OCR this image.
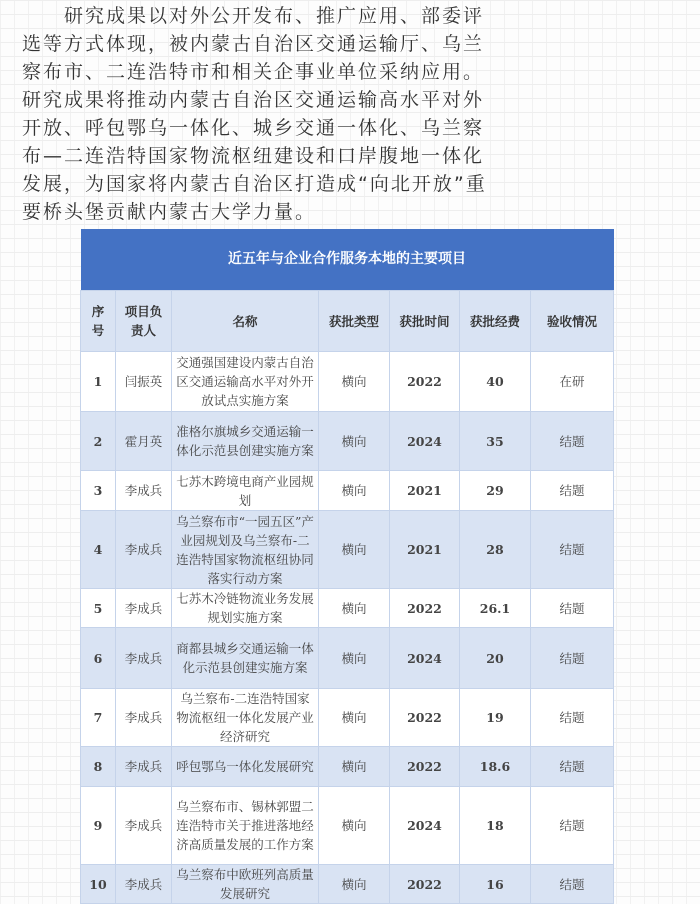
研究成果以对外公开发布、推广应用、部委评选等方式体现，被内蒙古自治区交通运输厅、乌兰察布市、二连浩特市和相关企事业单位采纳应用。研究成果将推动内蒙古自治区交通运输高水平对外开放、呼包鄂乌一体化、城乡交通一体化、乌兰察布—二连浩特国家物流枢纽建设和口岸腹地一体化发展，为国家将内蒙古自治区打造成“向北开放”重要桥头堡贡献内蒙古大学力量。

近五年与企业合作服务本地的主要项目						
序号	项目负责人	名称	获批类型	获批时间	获批经费	验收情况
1	闫振英	交通强国建设内蒙古自治区交通运输高水平对外开放试点实施方案	横向	2022	40	在研
2	霍月英	准格尔旗城乡交通运输一体化示范县创建实施方案	横向	2024	35	结题
3	李成兵	七苏木跨境电商产业园规划	横向	2021	29	结题
4	李成兵	乌兰察布市“一园五区”产业园规划及乌兰察布-二连浩特国家物流枢纽协同落实行动方案	横向	2021	28	结题
5	李成兵	七苏木冷链物流业务发展规划实施方案	横向	2022	26.1	结题
6	李成兵	商都县城乡交通运输一体化示范县创建实施方案	横向	2024	20	结题
7	李成兵	乌兰察布-二连浩特国家物流枢纽一体化发展产业经济研究	横向	2022	19	结题
8	李成兵	呼包鄂乌一体化发展研究	横向	2022	18.6	结题
9	李成兵	乌兰察布市、锡林郭盟二连浩特市关于推进落地经济高质量发展的工作方案	横向	2024	18	结题
10	李成兵	乌兰察布中欧班列高质量发展研究	横向	2022	16	结题
